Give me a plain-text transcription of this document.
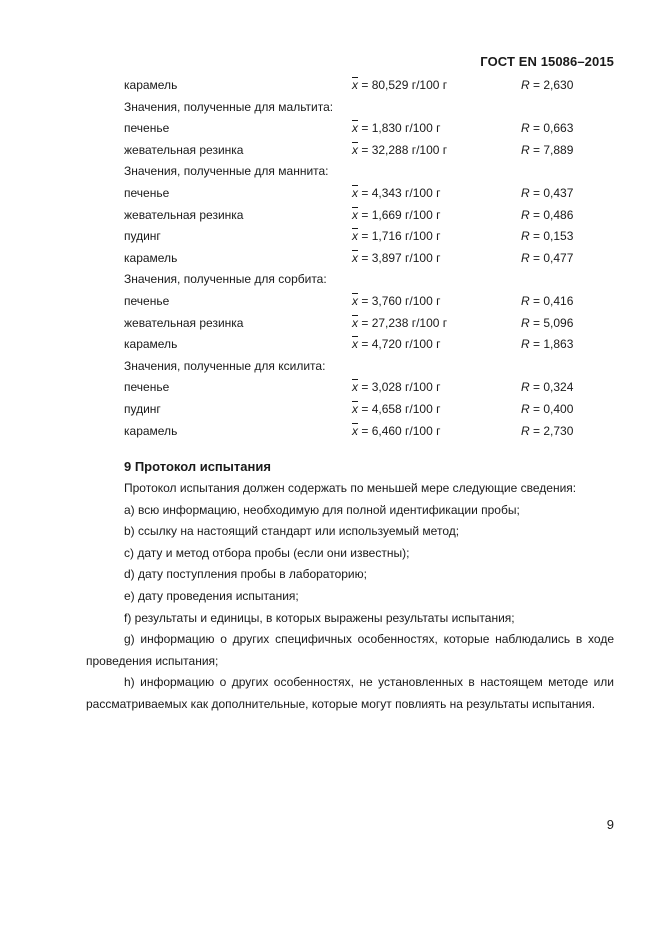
ГОСТ EN 15086–2015
карамель	$\overline{x} = 80,529$ г/100 г	R = 2,630
Значения, полученные для мальтита:
печенье	$\overline{x} = 1,830$ г/100 г	R = 0,663
жевательная резинка	$\overline{x} = 32,288$ г/100 г	R = 7,889
Значения, полученные для маннита:
печенье	$\overline{x} = 4,343$ г/100 г	R = 0,437
жевательная резинка	$\overline{x} = 1,669$ г/100 г	R = 0,486
пудинг	$\overline{x} = 1,716$ г/100 г	R = 0,153
карамель	$\overline{x} = 3,897$ г/100 г	R = 0,477
Значения, полученные для сорбита:
печенье	$\overline{x} = 3,760$ г/100 г	R = 0,416
жевательная резинка	$\overline{x} = 27,238$ г/100 г	R = 5,096
карамель	$\overline{x} = 4,720$ г/100 г	R = 1,863
Значения, полученные для ксилита:
печенье	$\overline{x} = 3,028$ г/100 г	R = 0,324
пудинг	$\overline{x} = 4,658$ г/100 г	R = 0,400
карамель	$\overline{x} = 6,460$ г/100 г	R = 2,730
9 Протокол испытания

Протокол испытания должен содержать по меньшей мере следующие сведения:

a) всю информацию, необходимую для полной идентификации пробы;

b) ссылку на настоящий стандарт или используемый метод;

c) дату и метод отбора пробы (если они известны);

d) дату поступления пробы в лабораторию;

e) дату проведения испытания;

f) результаты и единицы, в которых выражены результаты испытания;

g) информацию о других специфичных особенностях, которые наблюдались в ходе проведения испытания;

h) информацию о других особенностях, не установленных в настоящем методе или рассматриваемых как дополнительные, которые могут повлиять на результаты испытания.

9
